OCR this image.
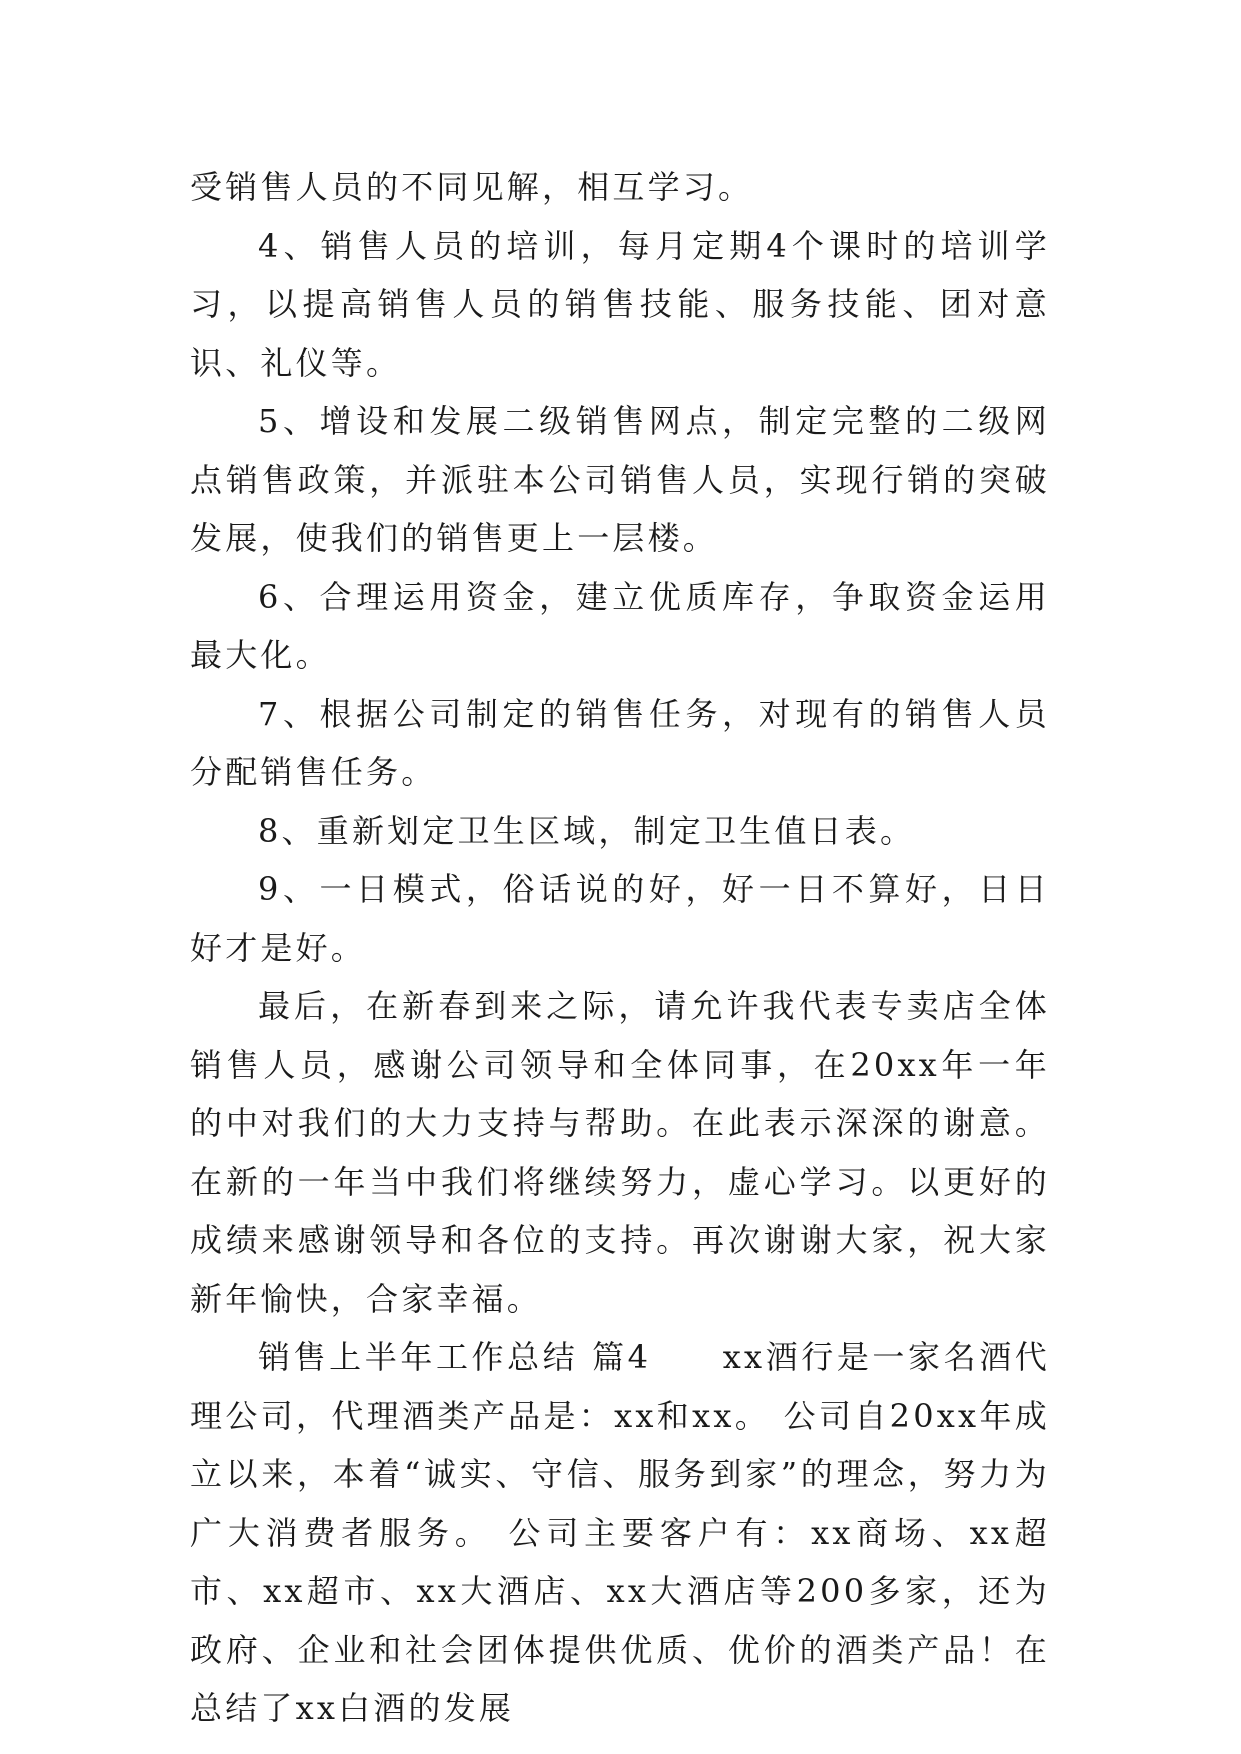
受销售人员的不同见解，相互学习。

4、销售人员的培训，每月定期4个课时的培训学习，以提高销售人员的销售技能、服务技能、团对意识、礼仪等。

5、增设和发展二级销售网点，制定完整的二级网点销售政策，并派驻本公司销售人员，实现行销的突破发展，使我们的销售更上一层楼。

6、合理运用资金，建立优质库存，争取资金运用最大化。

7、根据公司制定的销售任务，对现有的销售人员分配销售任务。

8、重新划定卫生区域，制定卫生值日表。

9、一日模式，俗话说的好，好一日不算好，日日好才是好。

最后，在新春到来之际，请允许我代表专卖店全体销售人员，感谢公司领导和全体同事，在20xx年一年的中对我们的大力支持与帮助。在此表示深深的谢意。在新的一年当中我们将继续努力，虚心学习。以更好的成绩来感谢领导和各位的支持。再次谢谢大家，祝大家新年愉快，合家幸福。

销售上半年工作总结 篇4　　xx酒行是一家名酒代理公司，代理酒类产品是：xx和xx。 公司自20xx年成立以来，本着“诚实、守信、服务到家”的理念，努力为广大消费者服务。 公司主要客户有：xx商场、xx超市、xx超市、xx大酒店、xx大酒店等200多家，还为政府、企业和社会团体提供优质、优价的酒类产品！在总结了xx白酒的发展
